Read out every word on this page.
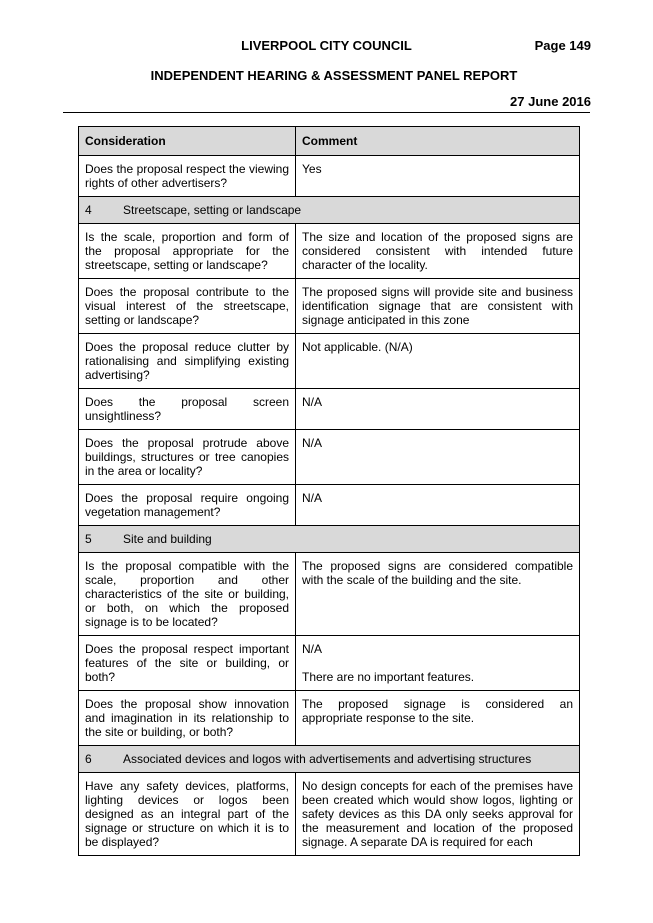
LIVERPOOL CITY COUNCIL	Page 149
INDEPENDENT HEARING & ASSESSMENT PANEL REPORT
27 June 2016
Consideration	Comment
Does the proposal respect the viewing rights of other advertisers?	Yes
4 Streetscape, setting or landscape	
Is the scale, proportion and form of the proposal appropriate for the streetscape, setting or landscape?	The size and location of the proposed signs are considered consistent with intended future character of the locality.
Does the proposal contribute to the visual interest of the streetscape, setting or landscape?	The proposed signs will provide site and business identification signage that are consistent with signage anticipated in this zone
Does the proposal reduce clutter by rationalising and simplifying existing advertising?	Not applicable. (N/A)
Does the proposal screen unsightliness?	N/A
Does the proposal protrude above buildings, structures or tree canopies in the area or locality?	N/A
Does the proposal require ongoing vegetation management?	N/A
5 Site and building	
Is the proposal compatible with the scale, proportion and other characteristics of the site or building, or both, on which the proposed signage is to be located?	The proposed signs are considered compatible with the scale of the building and the site.
Does the proposal respect important features of the site or building, or both?	N/A
There are no important features.
Does the proposal show innovation and imagination in its relationship to the site or building, or both?	The proposed signage is considered an appropriate response to the site.
6 Associated devices and logos with advertisements and advertising structures	
Have any safety devices, platforms, lighting devices or logos been designed as an integral part of the signage or structure on which it is to be displayed?	No design concepts for each of the premises have been created which would show logos, lighting or safety devices as this DA only seeks approval for the measurement and location of the proposed signage. A separate DA is required for each
